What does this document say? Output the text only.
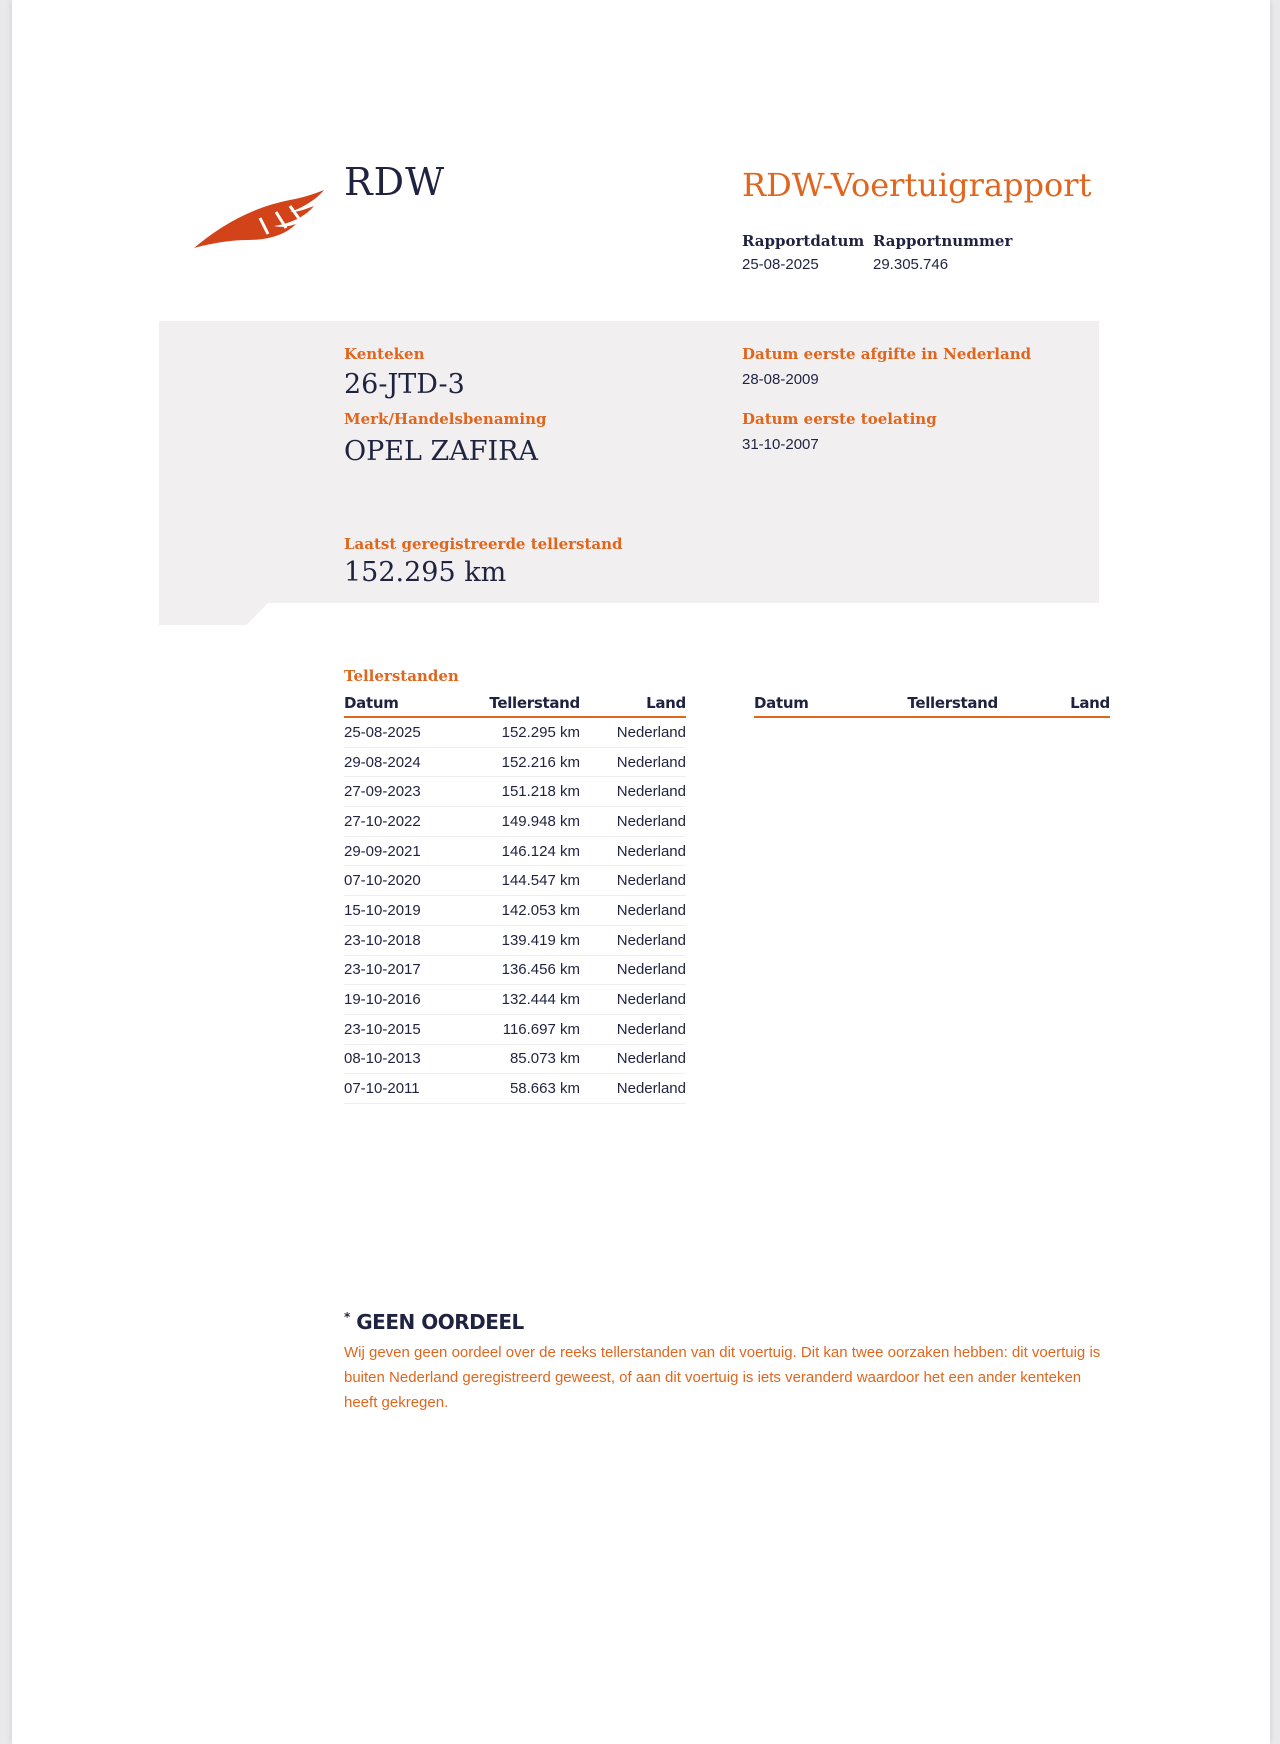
RDW	RDW-Voertuigrapport
Rapportdatum
25-08-2025
Rapportnummer
29.305.746
Kenteken
26-JTD-3
Merk/Handelsbenaming
OPEL ZAFIRA
Datum eerste afgifte in Nederland
28-08-2009
Datum eerste toelating
31-10-2007
Laatst geregistreerde tellerstand
152.295 km
Tellerstanden
Datum	Tellerstand	Land
25-08-2025	152.295 km	Nederland
29-08-2024	152.216 km	Nederland
27-09-2023	151.218 km	Nederland
27-10-2022	149.948 km	Nederland
29-09-2021	146.124 km	Nederland
07-10-2020	144.547 km	Nederland
15-10-2019	142.053 km	Nederland
23-10-2018	139.419 km	Nederland
23-10-2017	136.456 km	Nederland
19-10-2016	132.444 km	Nederland
23-10-2015	116.697 km	Nederland
08-10-2013	85.073 km	Nederland
07-10-2011	58.663 km	Nederland
Datum	Tellerstand	Land
* GEEN OORDEEL
Wij geven geen oordeel over de reeks tellerstanden van dit voertuig. Dit kan twee oorzaken hebben: dit voertuig is buiten Nederland geregistreerd geweest, of aan dit voertuig is iets veranderd waardoor het een ander kenteken heeft gekregen.
